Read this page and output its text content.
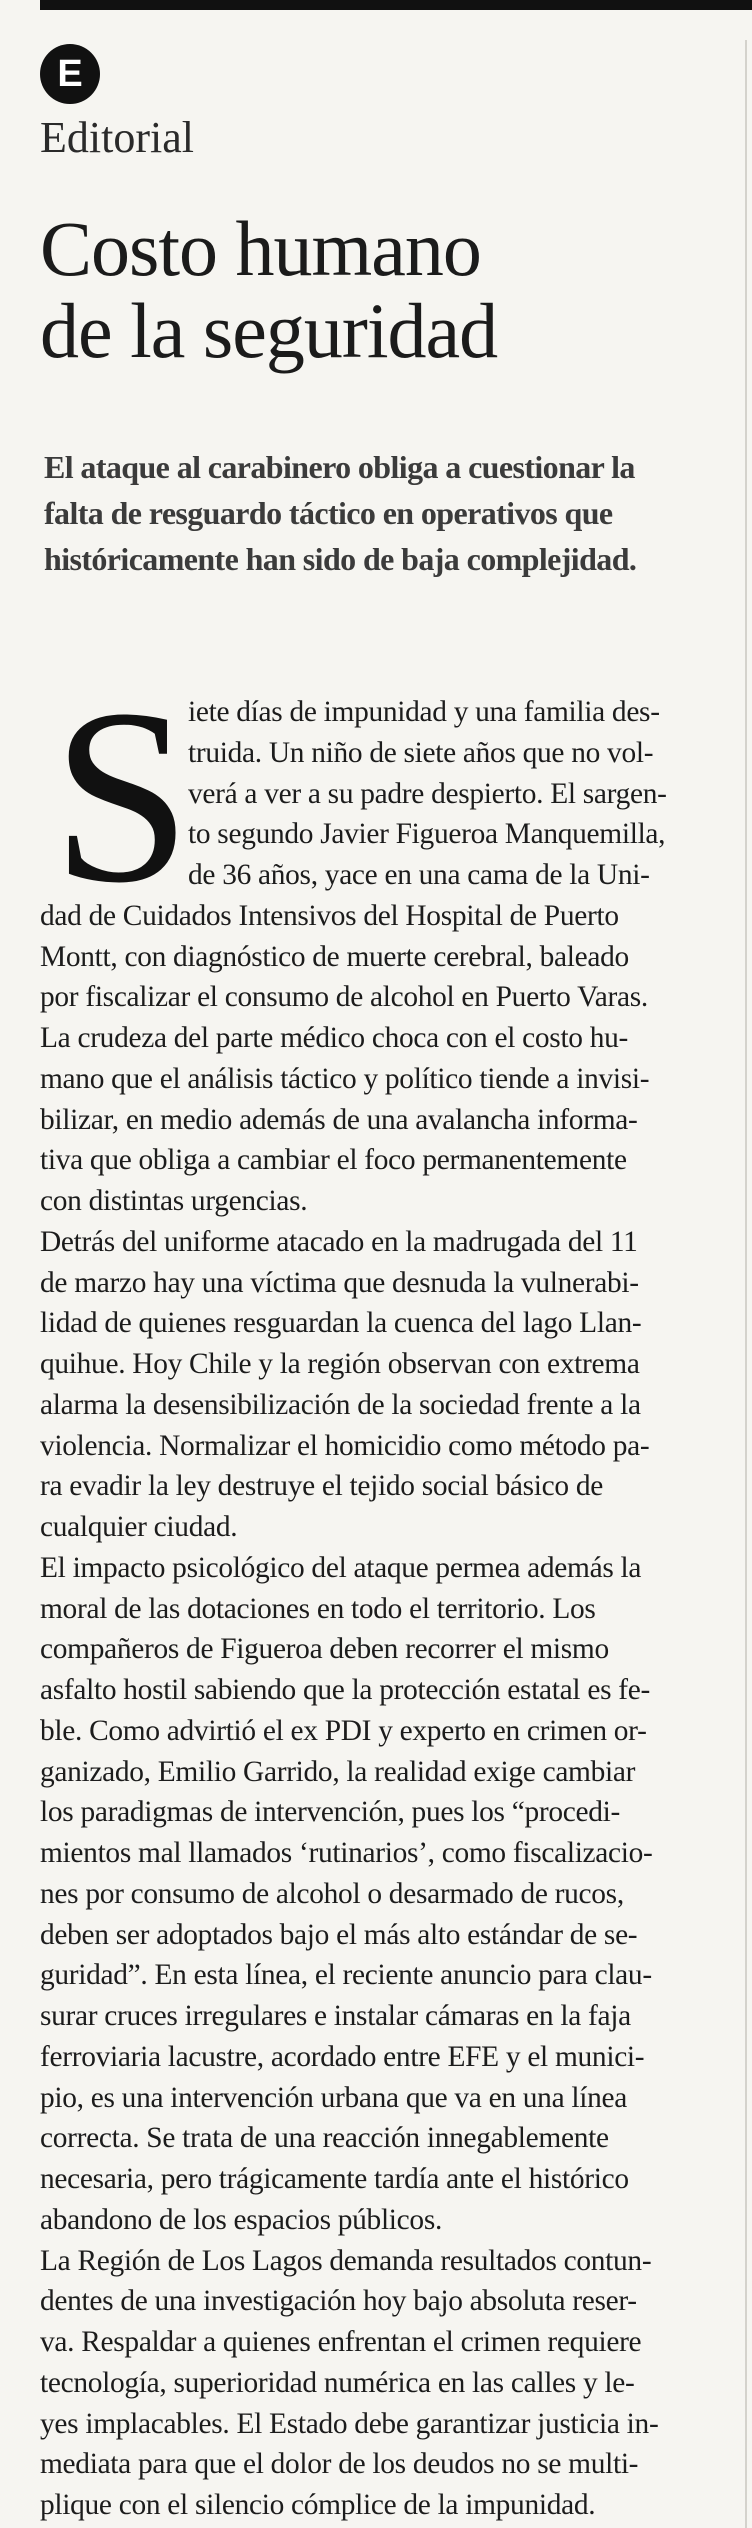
E
Editorial
Costo humano
de la seguridad
El ataque al carabinero obliga a cuestionar la
falta de resguardo táctico en operativos que
históricamente han sido de baja complejidad.
S
iete días de impunidad y una familia des-
truida. Un niño de siete años que no vol-
verá a ver a su padre despierto. El sargen-
to segundo Javier Figueroa Manquemilla,
de 36 años, yace en una cama de la Uni-
dad de Cuidados Intensivos del Hospital de Puerto
Montt, con diagnóstico de muerte cerebral, baleado
por fiscalizar el consumo de alcohol en Puerto Varas.
La crudeza del parte médico choca con el costo hu-
mano que el análisis táctico y político tiende a invisi-
bilizar, en medio además de una avalancha informa-
tiva que obliga a cambiar el foco permanentemente
con distintas urgencias.
Detrás del uniforme atacado en la madrugada del 11
de marzo hay una víctima que desnuda la vulnerabi-
lidad de quienes resguardan la cuenca del lago Llan-
quihue. Hoy Chile y la región observan con extrema
alarma la desensibilización de la sociedad frente a la
violencia. Normalizar el homicidio como método pa-
ra evadir la ley destruye el tejido social básico de
cualquier ciudad.
El impacto psicológico del ataque permea además la
moral de las dotaciones en todo el territorio. Los
compañeros de Figueroa deben recorrer el mismo
asfalto hostil sabiendo que la protección estatal es fe-
ble. Como advirtió el ex PDI y experto en crimen or-
ganizado, Emilio Garrido, la realidad exige cambiar
los paradigmas de intervención, pues los “procedi-
mientos mal llamados ‘rutinarios’, como fiscalizacio-
nes por consumo de alcohol o desarmado de rucos,
deben ser adoptados bajo el más alto estándar de se-
guridad”. En esta línea, el reciente anuncio para clau-
surar cruces irregulares e instalar cámaras en la faja
ferroviaria lacustre, acordado entre EFE y el munici-
pio, es una intervención urbana que va en una línea
correcta. Se trata de una reacción innegablemente
necesaria, pero trágicamente tardía ante el histórico
abandono de los espacios públicos.
La Región de Los Lagos demanda resultados contun-
dentes de una investigación hoy bajo absoluta reser-
va. Respaldar a quienes enfrentan el crimen requiere
tecnología, superioridad numérica en las calles y le-
yes implacables. El Estado debe garantizar justicia in-
mediata para que el dolor de los deudos no se multi-
plique con el silencio cómplice de la impunidad.
